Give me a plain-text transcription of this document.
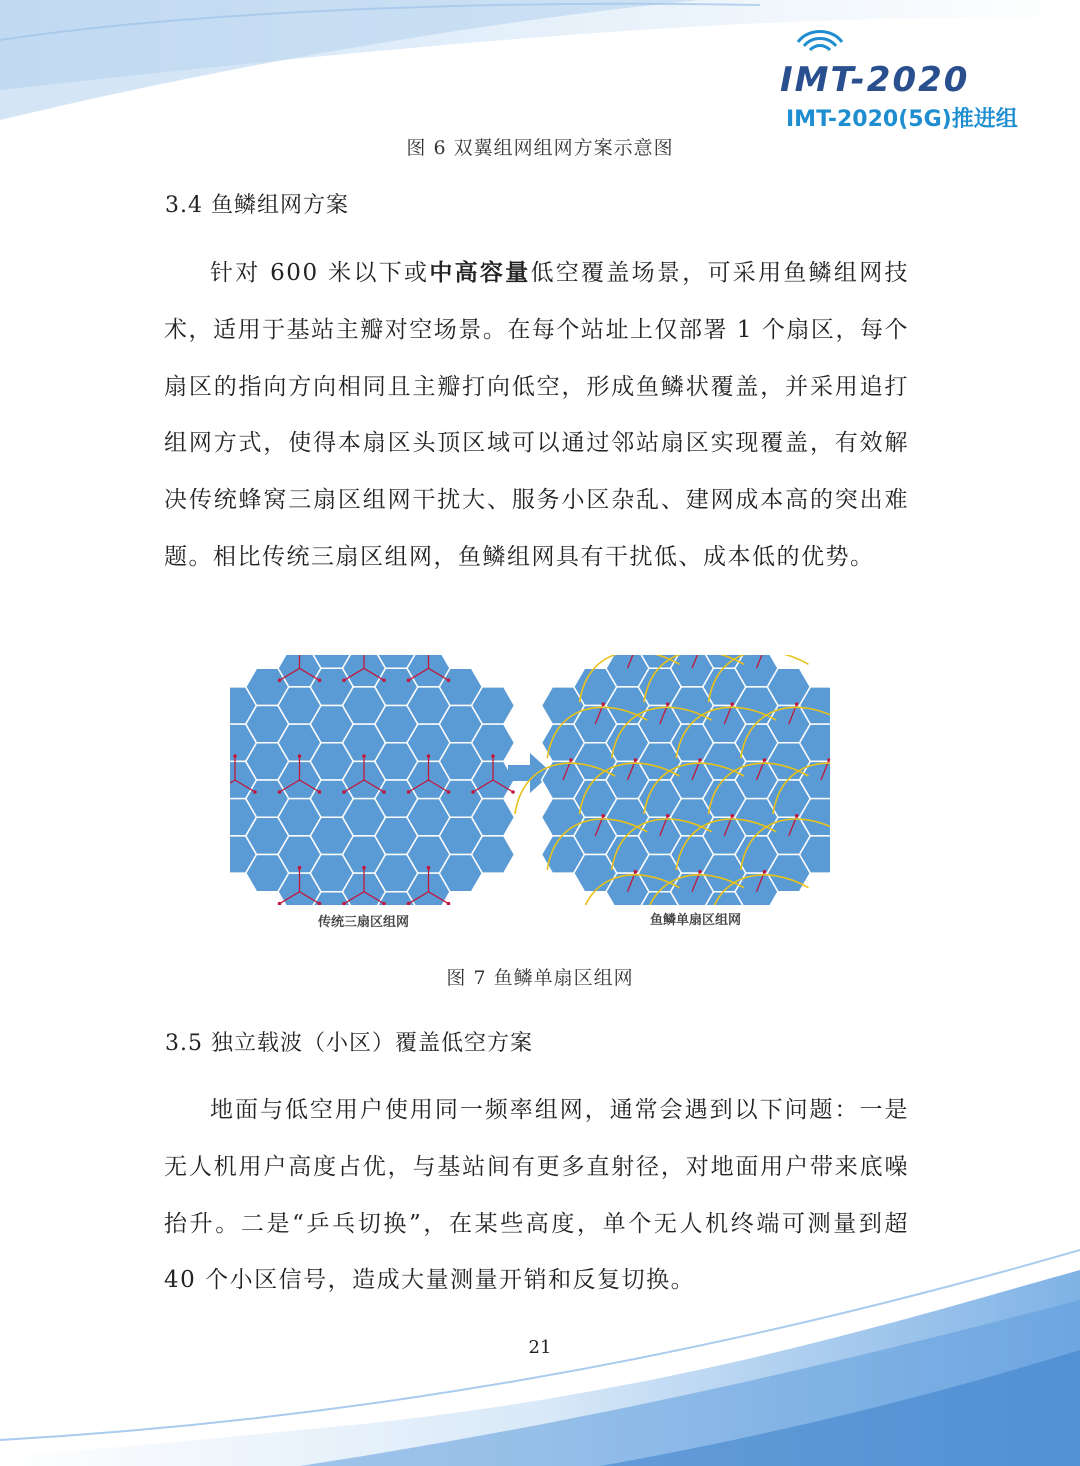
IMT-2020
IMT-2020(5G)推进组
图 6 双翼组网组网方案示意图
3.4 鱼鳞组网方案
针对 600 米以下或中高容量低空覆盖场景，可采用鱼鳞组网技术，适用于基站主瓣对空场景。在每个站址上仅部署 1 个扇区，每个扇区的指向方向相同且主瓣打向低空，形成鱼鳞状覆盖，并采用追打组网方式，使得本扇区头顶区域可以通过邻站扇区实现覆盖，有效解决传统蜂窝三扇区组网干扰大、服务小区杂乱、建网成本高的突出难题。相比传统三扇区组网，鱼鳞组网具有干扰低、成本低的优势。
传统三扇区组网	鱼鳞单扇区组网
图 7 鱼鳞单扇区组网
3.5 独立载波（小区）覆盖低空方案
地面与低空用户使用同一频率组网，通常会遇到以下问题：一是无人机用户高度占优，与基站间有更多直射径，对地面用户带来底噪抬升。二是“乒乓切换”，在某些高度，单个无人机终端可测量到超 40 个小区信号，造成大量测量开销和反复切换。
21
